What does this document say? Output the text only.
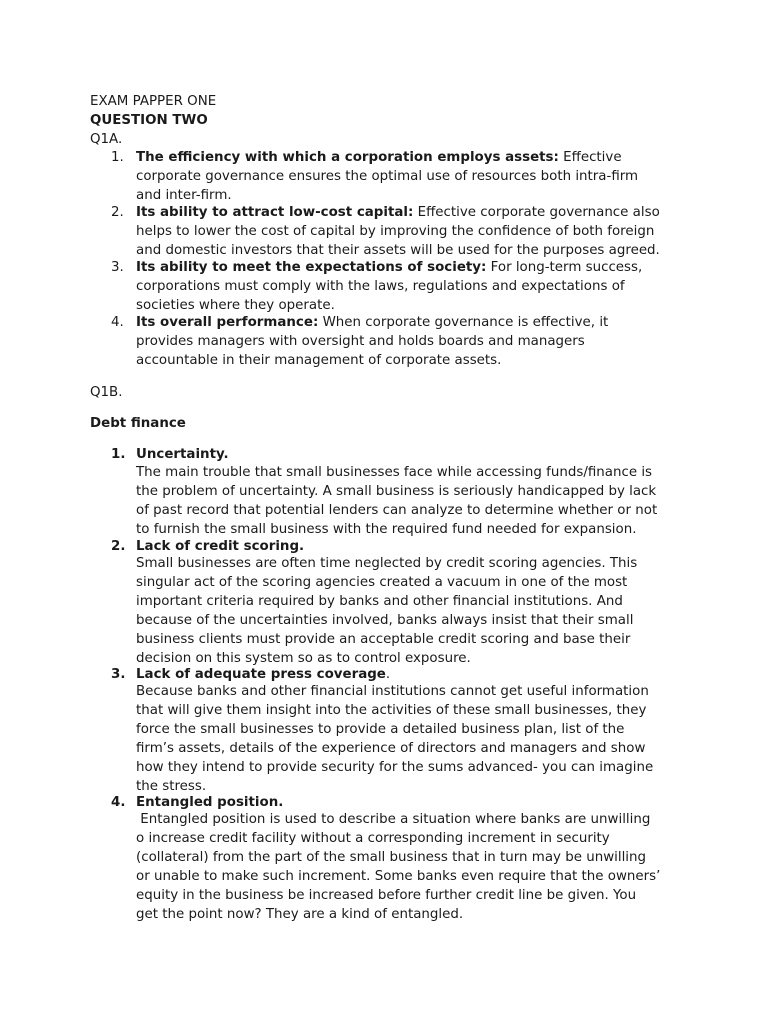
EXAM PAPPER ONE
QUESTION TWO
Q1A.
1. The efficiency with which a corporation employs assets: Effective
corporate governance ensures the optimal use of resources both intra-firm
and inter-firm.
2. Its ability to attract low-cost capital: Effective corporate governance also
helps to lower the cost of capital by improving the confidence of both foreign
and domestic investors that their assets will be used for the purposes agreed.
3. Its ability to meet the expectations of society: For long-term success,
corporations must comply with the laws, regulations and expectations of
societies where they operate.
4. Its overall performance: When corporate governance is effective, it
provides managers with oversight and holds boards and managers
accountable in their management of corporate assets.
Q1B.
Debt finance
1. Uncertainty.
The main trouble that small businesses face while accessing funds/finance is
the problem of uncertainty. A small business is seriously handicapped by lack
of past record that potential lenders can analyze to determine whether or not
to furnish the small business with the required fund needed for expansion.
2. Lack of credit scoring.
Small businesses are often time neglected by credit scoring agencies. This
singular act of the scoring agencies created a vacuum in one of the most
important criteria required by banks and other financial institutions. And
because of the uncertainties involved, banks always insist that their small
business clients must provide an acceptable credit scoring and base their
decision on this system so as to control exposure.
3. Lack of adequate press coverage.
Because banks and other financial institutions cannot get useful information
that will give them insight into the activities of these small businesses, they
force the small businesses to provide a detailed business plan, list of the
firm’s assets, details of the experience of directors and managers and show
how they intend to provide security for the sums advanced- you can imagine
the stress.
4. Entangled position.
Entangled position is used to describe a situation where banks are unwilling
o increase credit facility without a corresponding increment in security
(collateral) from the part of the small business that in turn may be unwilling
or unable to make such increment. Some banks even require that the owners’
equity in the business be increased before further credit line be given. You
get the point now? They are a kind of entangled.
